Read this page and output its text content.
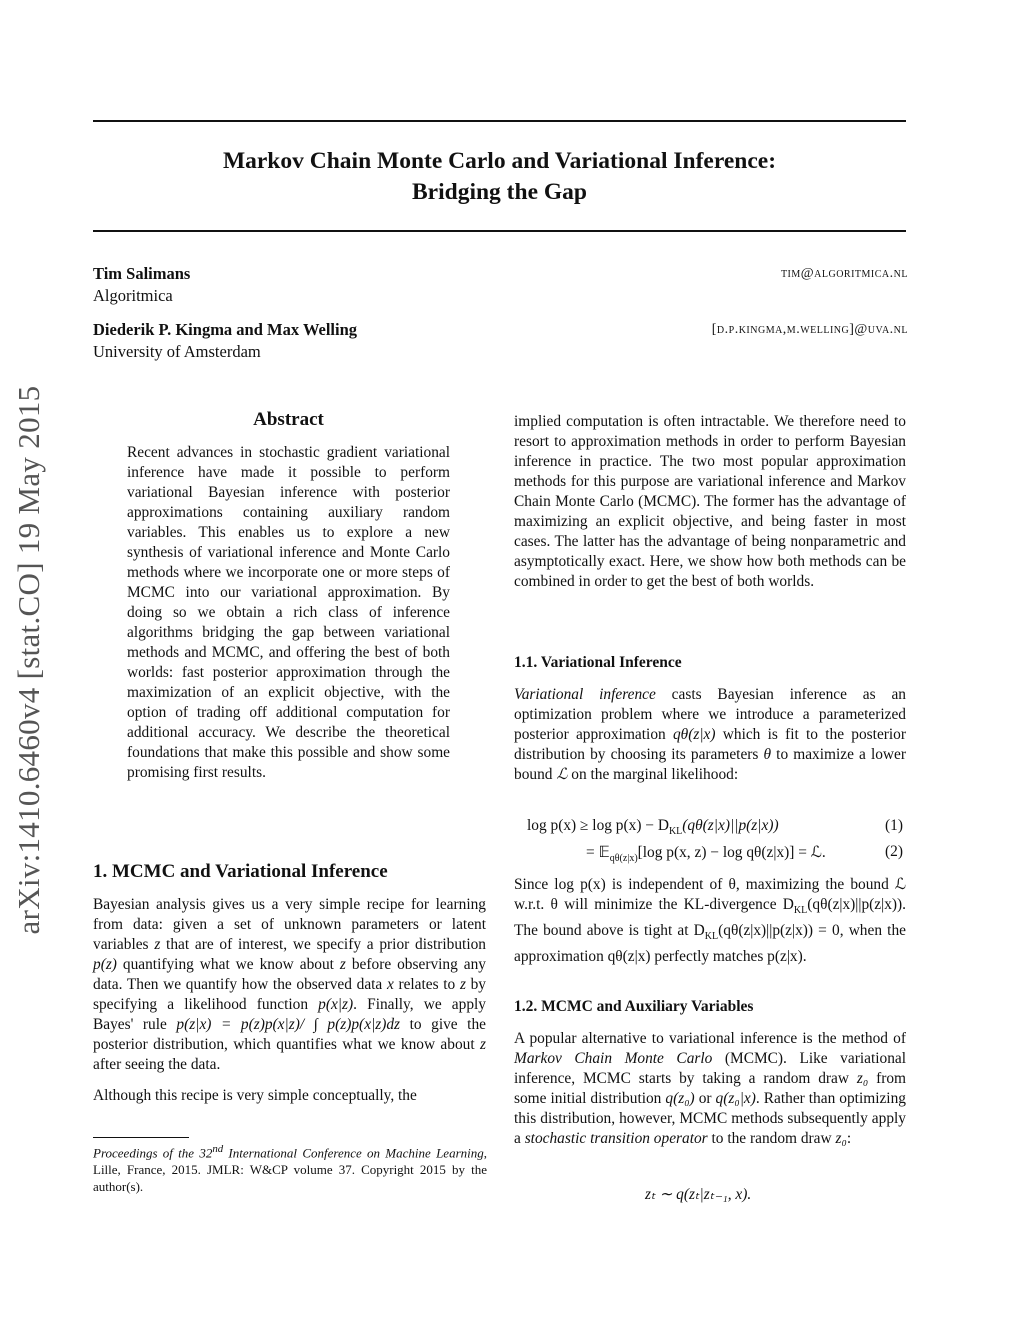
Markov Chain Monte Carlo and Variational Inference:
Bridging the Gap
arXiv:1410.6460v4 [stat.CO] 19 May 2015
Tim Salimans
Algoritmica
tim@algoritmica.nl
Diederik P. Kingma and Max Welling
University of Amsterdam
[d.p.kingma,m.welling]@uva.nl
Abstract

Recent advances in stochastic gradient variational inference have made it possible to perform variational Bayesian inference with posterior approximations containing auxiliary random variables. This enables us to explore a new synthesis of variational inference and Monte Carlo methods where we incorporate one or more steps of MCMC into our variational approximation. By doing so we obtain a rich class of inference algorithms bridging the gap between variational methods and MCMC, and offering the best of both worlds: fast posterior approximation through the maximization of an explicit objective, with the option of trading off additional computation for additional accuracy. We describe the theoretical foundations that make this possible and show some promising first results.

1. MCMC and Variational Inference

Bayesian analysis gives us a very simple recipe for learning from data: given a set of unknown parameters or latent variables z that are of interest, we specify a prior distribution p(z) quantifying what we know about z before observing any data. Then we quantify how the observed data x relates to z by specifying a likelihood function p(x|z). Finally, we apply Bayes' rule p(z|x) = p(z)p(x|z)/ ∫ p(z)p(x|z)dz to give the posterior distribution, which quantifies what we know about z after seeing the data.

Although this recipe is very simple conceptually, the

Proceedings of the 32nd International Conference on Machine Learning, Lille, France, 2015. JMLR: W&CP volume 37. Copyright 2015 by the author(s).

implied computation is often intractable. We therefore need to resort to approximation methods in order to perform Bayesian inference in practice. The two most popular approximation methods for this purpose are variational inference and Markov Chain Monte Carlo (MCMC). The former has the advantage of maximizing an explicit objective, and being faster in most cases. The latter has the advantage of being nonparametric and asymptotically exact. Here, we show how both methods can be combined in order to get the best of both worlds.

1.1. Variational Inference

Variational inference casts Bayesian inference as an optimization problem where we introduce a parameterized posterior approximation qθ(z|x) which is fit to the posterior distribution by choosing its parameters θ to maximize a lower bound ℒ on the marginal likelihood:

$\log p(x) \ge \log p(x) - D_{KL}(q\theta(z|x)||p(z|x))$	(1)
= 𝔼$_{q\theta(z|x)}$[log p(x, z) − log qθ(z|x)] = ℒ.	(2)

Since log p(x) is independent of θ, maximizing the bound ℒ w.r.t. θ will minimize the KL-divergence $D_{KL}(q\theta(z|x)||p(z|x))$. The bound above is tight at $D_{KL}(q\theta(z|x)||p(z|x)) = 0$, when the approximation qθ(z|x) perfectly matches p(z|x).

1.2. MCMC and Auxiliary Variables

A popular alternative to variational inference is the method of Markov Chain Monte Carlo (MCMC). Like variational inference, MCMC starts by taking a random draw z₀ from some initial distribution q(z₀) or q(z₀|x). Rather than optimizing this distribution, however, MCMC methods subsequently apply a stochastic transition operator to the random draw z₀:

zₜ ∼ q(zₜ|zₜ₋₁, x).
